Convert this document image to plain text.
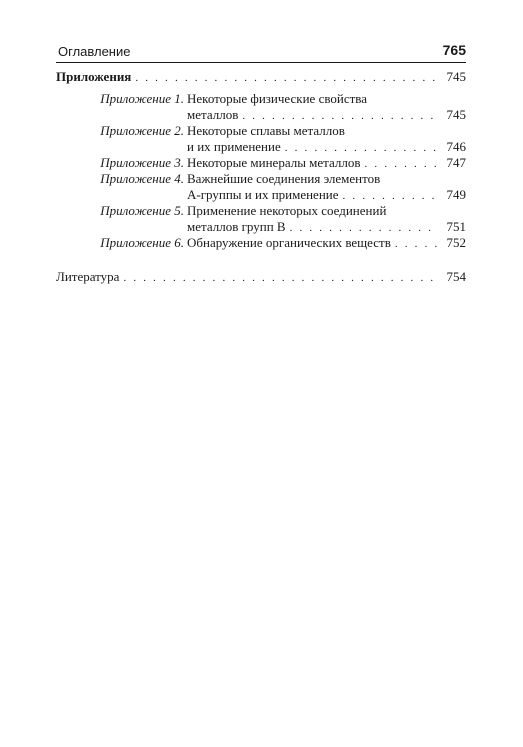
Оглавление	765
Приложения . . .	745
Приложение 1. Некоторые физические свойства
металлов . . .	745
Приложение 2. Некоторые сплавы металлов
и их применение . . .	746
Приложение 3. Некоторые минералы металлов . . .	747
Приложение 4. Важнейшие соединения элементов
А-группы и их применение . . .	749
Приложение 5. Применение некоторых соединений
металлов групп В . . .	751
Приложение 6. Обнаружение органических веществ . . .	752
Литература . . .	754
